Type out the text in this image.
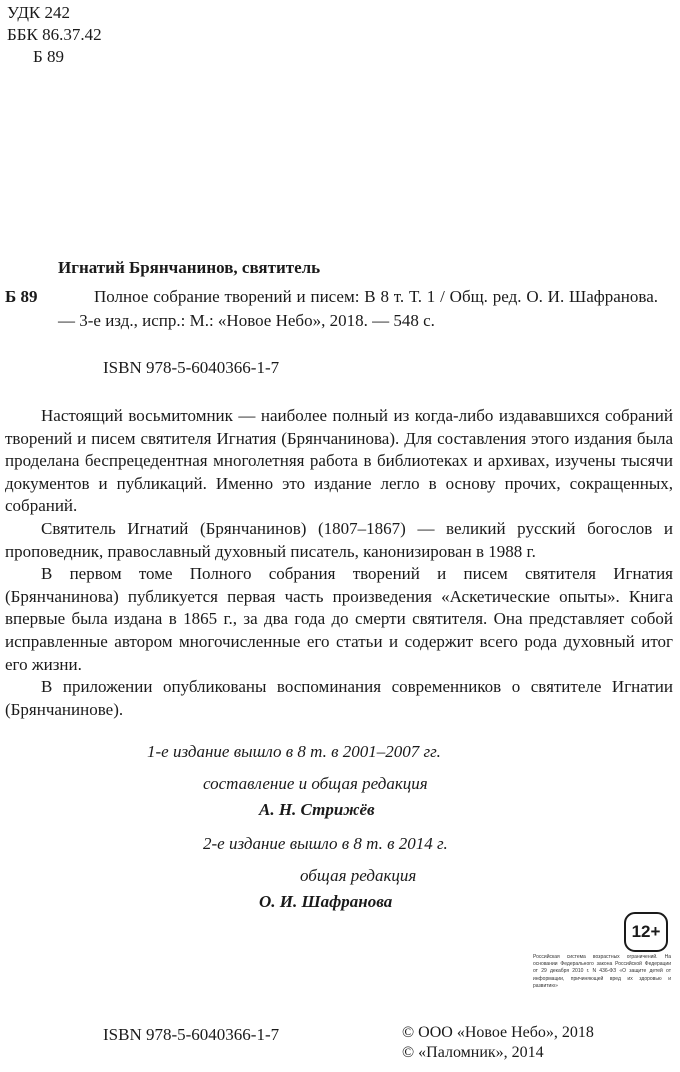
УДК 242
ББК 86.37.42
Б 89
Игнатий Брянчанинов, святитель
Б 89	Полное собрание творений и писем: В 8 т. Т. 1 / Общ. ред. О. И. Шафранова. — 3-е изд., испр.: М.: «Новое Небо», 2018. — 548 с.

ISBN 978-5-6040366-1-7

Настоящий восьмитомник — наиболее полный из когда-либо издававшихся собраний творений и писем святителя Игнатия (Брянчанинова). Для составления этого издания была проделана беспрецедентная многолетняя работа в библиотеках и архивах, изучены тысячи документов и публикаций. Именно это издание легло в основу прочих, сокращенных, собраний.

Святитель Игнатий (Брянчанинов) (1807–1867) — великий русский богослов и проповедник, православный духовный писатель, канонизирован в 1988 г.

В первом томе Полного собрания творений и писем святителя Игнатия (Брянчанинова) публикуется первая часть произведения «Аскетические опыты». Книга впервые была издана в 1865 г., за два года до смерти святителя. Она представляет собой исправленные автором многочисленные его статьи и содержит всего рода духовный итог его жизни.

В приложении опубликованы воспоминания современников о святителе Игнатии (Брянчанинове).

1-е издание вышло в 8 т. в 2001–2007 гг.
составление и общая редакция
А. Н. Стрижёв
2-е издание вышло в 8 т. в 2014 г.
общая редакция
О. И. Шафранова
12+
Российская система возрастных ограничений. На основании Федерального закона Российской Федерации от 29 декабря 2010 г. N 436-ФЗ «О защите детей от информации, причиняющей вред их здоровью и развитию»
ISBN 978-5-6040366-1-7	© ООО «Новое Небо», 2018
© «Паломник», 2014
